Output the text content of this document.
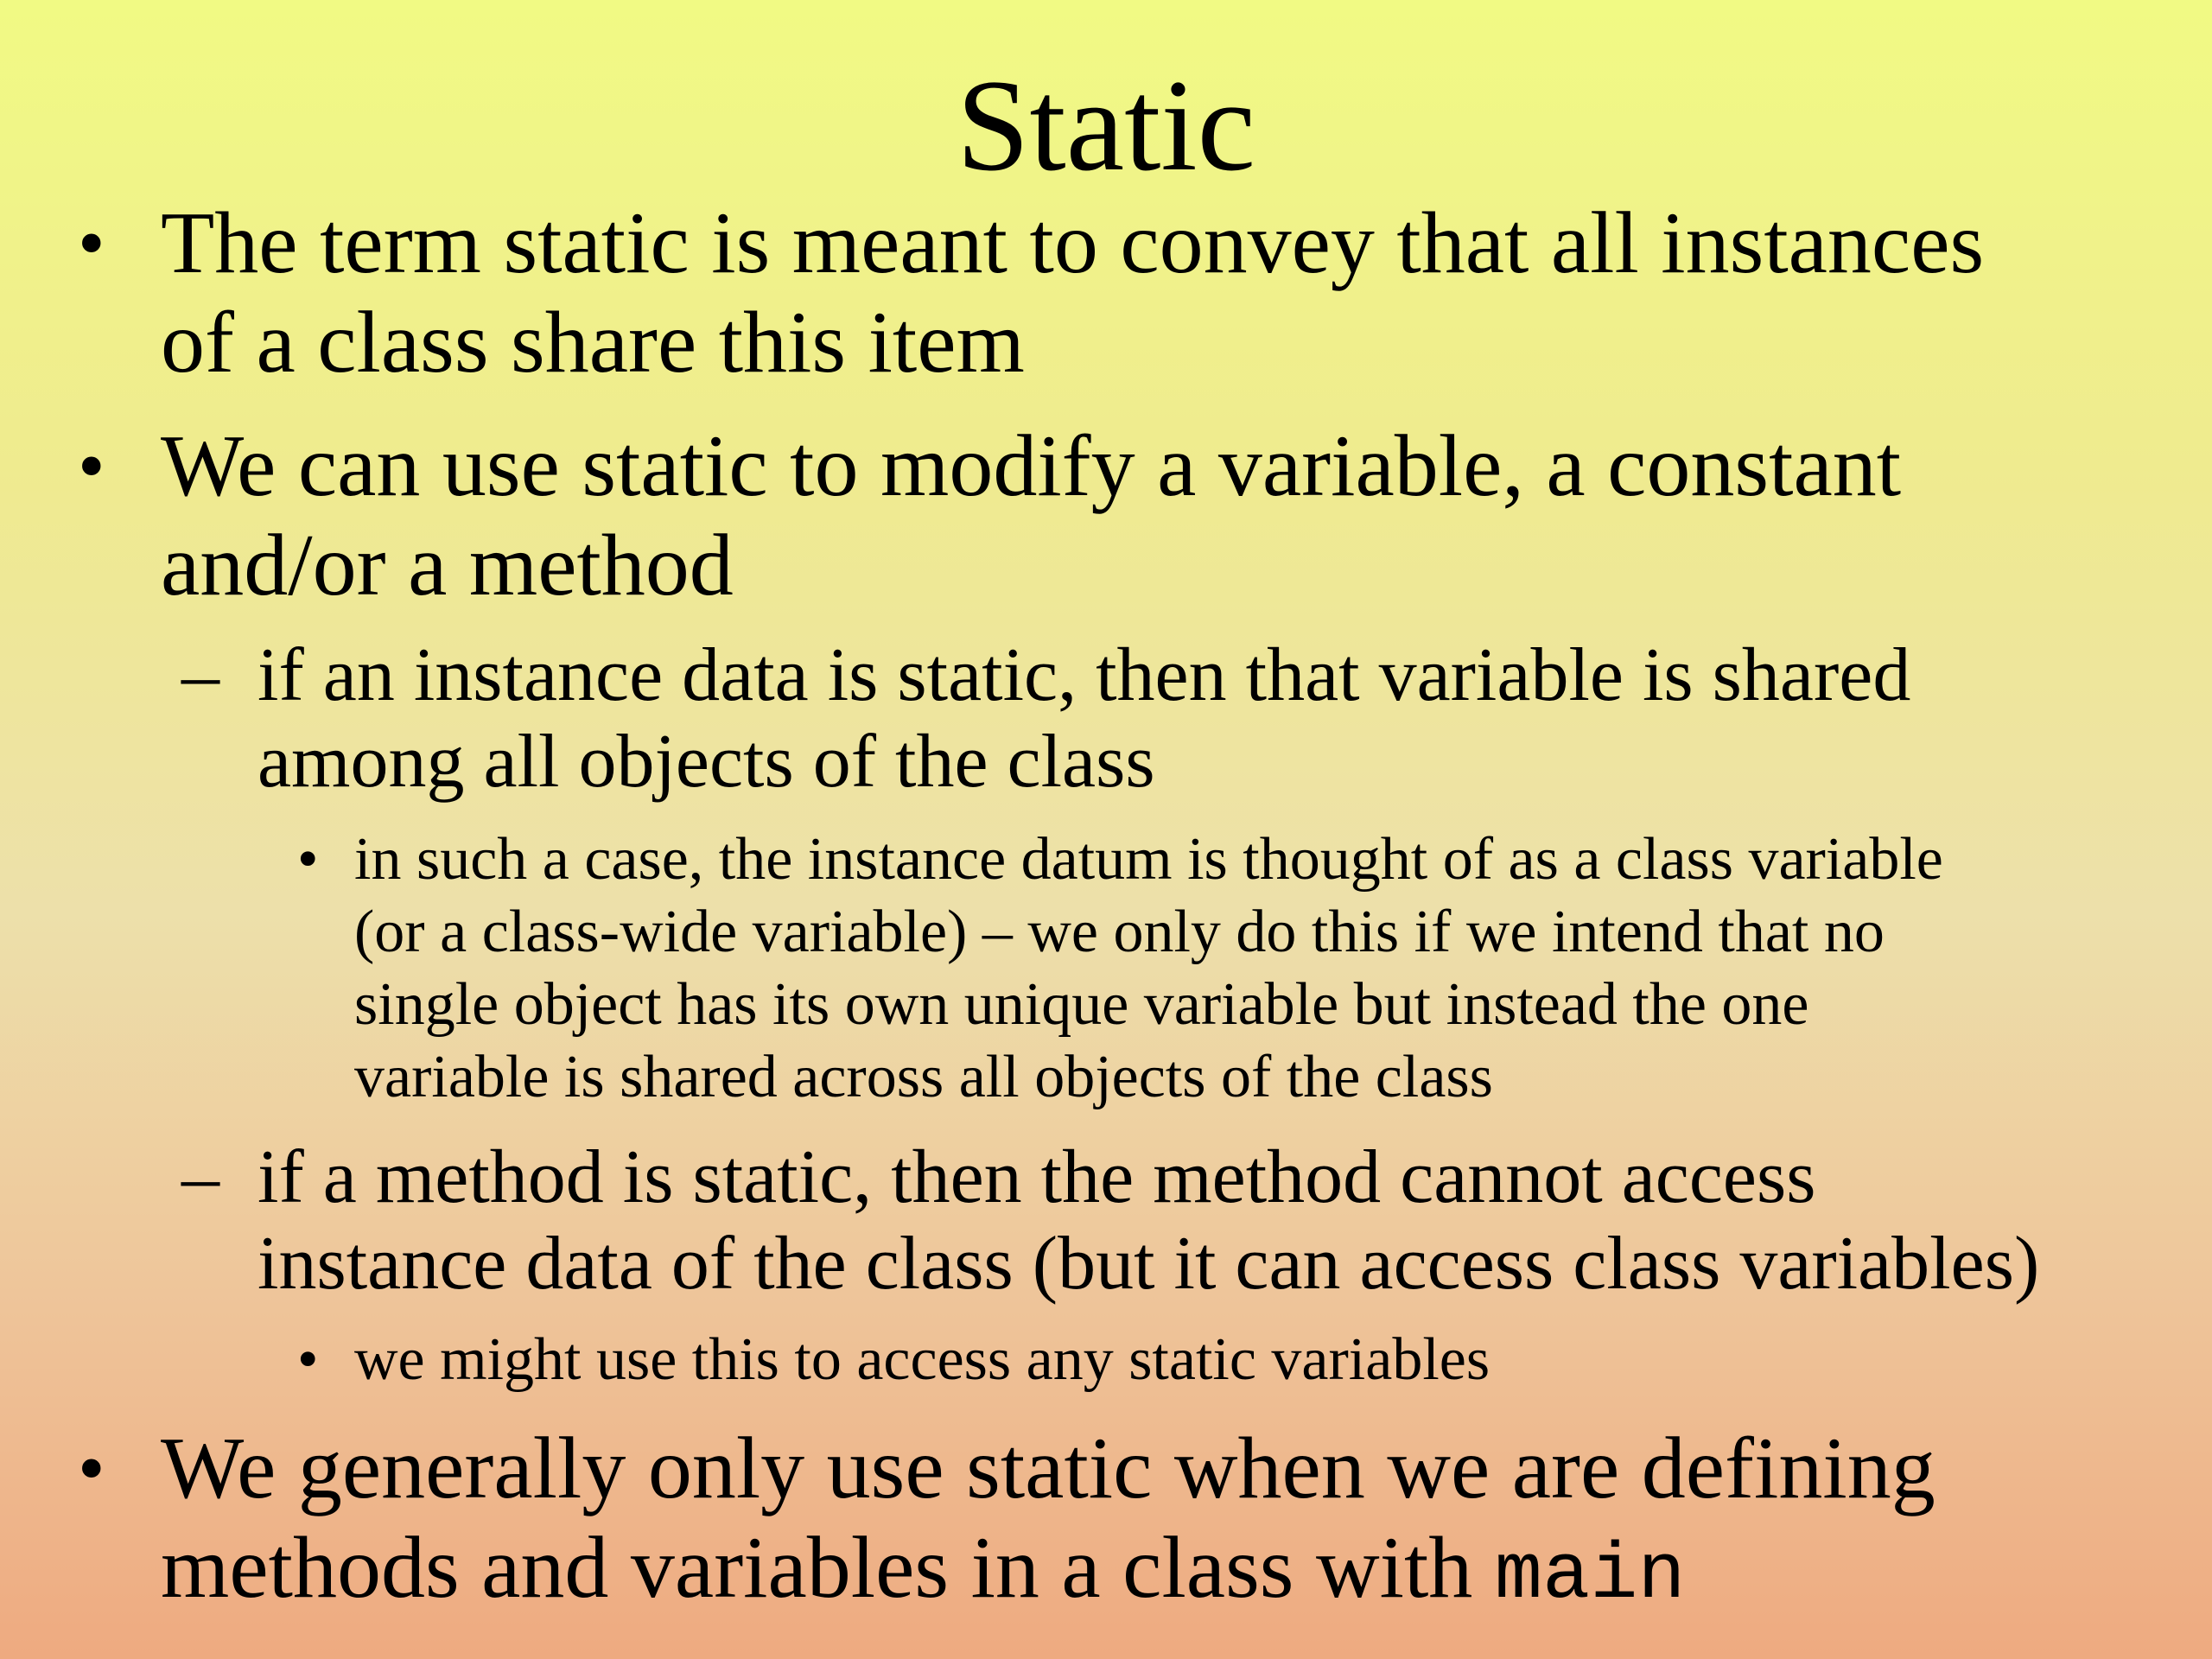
Static
• The term static is meant to convey that all instances
of a class share this item
• We can use static to modify a variable, a constant
and/or a method
– if an instance data is static, then that variable is shared
among all objects of the class
• in such a case, the instance datum is thought of as a class variable
(or a class-wide variable) – we only do this if we intend that no
single object has its own unique variable but instead the one
variable is shared across all objects of the class
– if a method is static, then the method cannot access
instance data of the class (but it can access class variables)
• we might use this to access any static variables
• We generally only use static when we are defining
methods and variables in a class with main
